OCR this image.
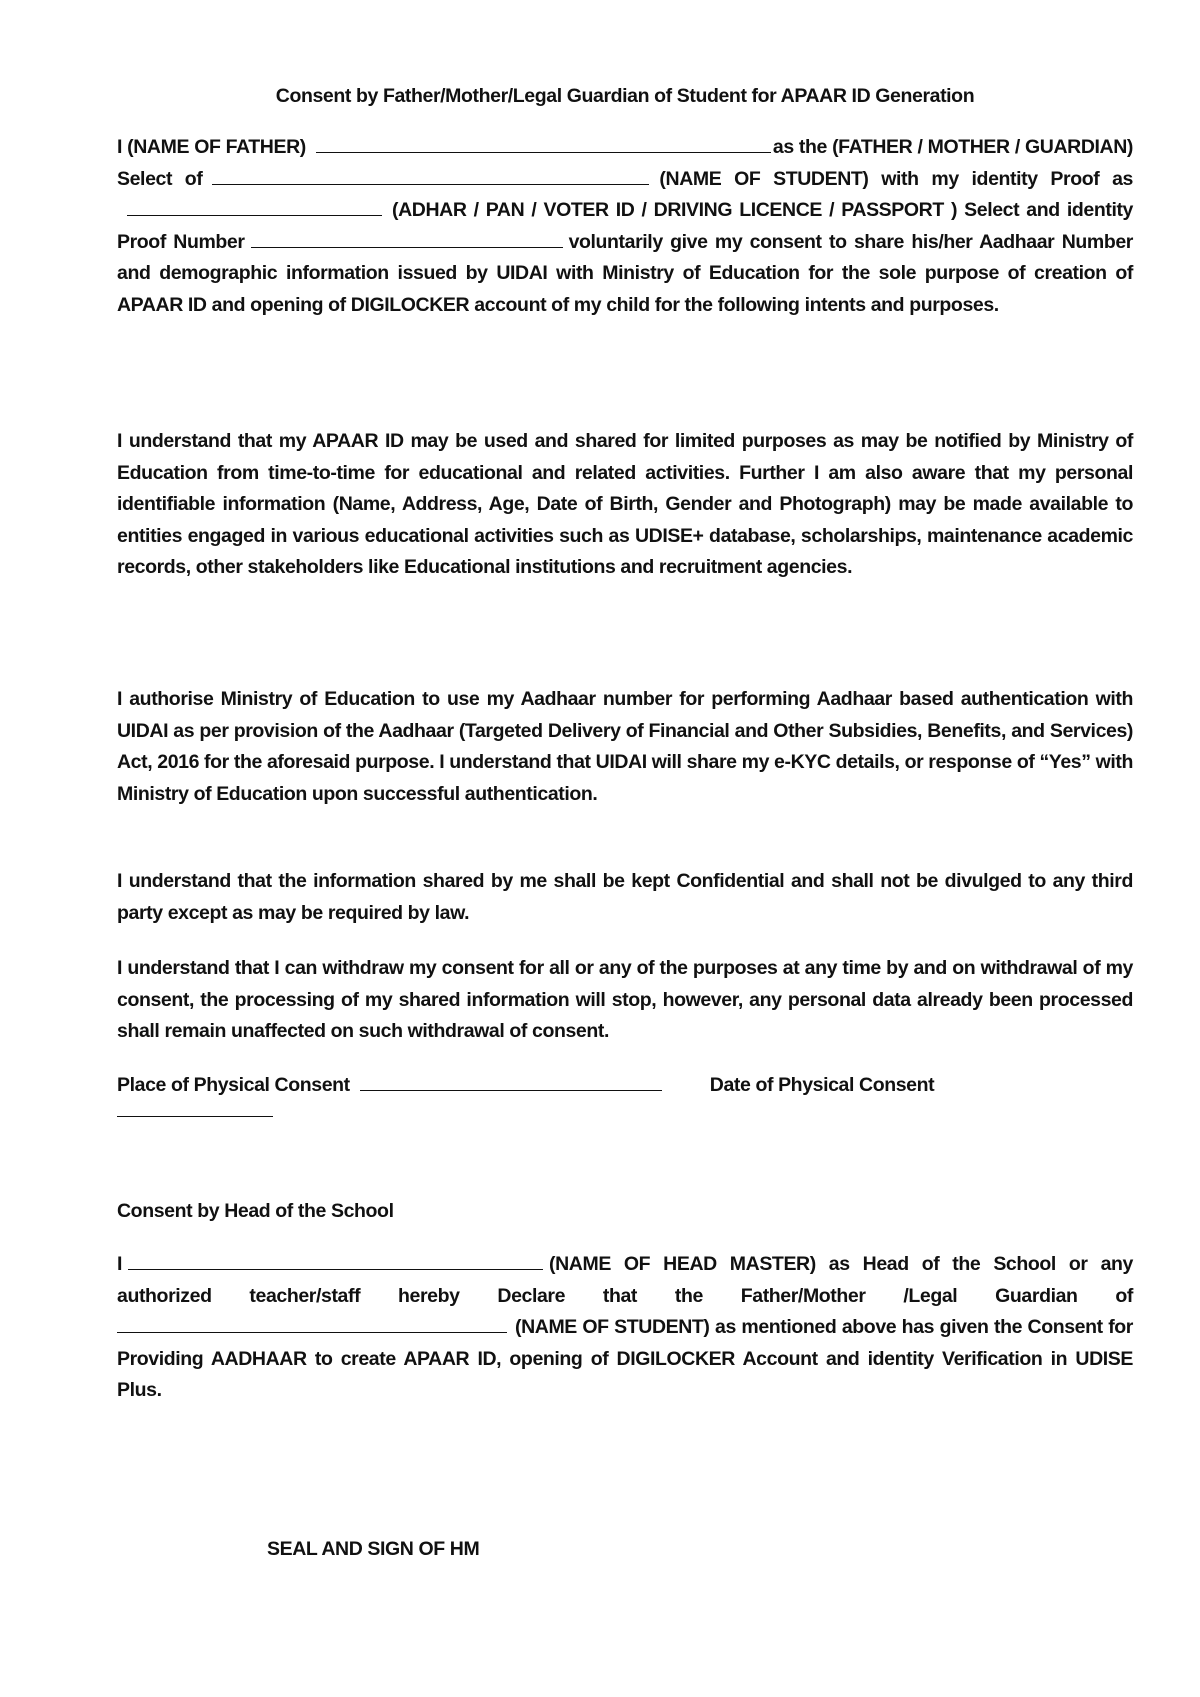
Consent by Father/Mother/Legal Guardian of Student for APAAR ID Generation

I (NAME OF FATHER)	as the (FATHER / MOTHER / GUARDIAN) Select of	(NAME OF STUDENT) with my identity Proof as(ADHAR / PAN / VOTER ID / DRIVING LICENCE / PASSPORT ) Select and identity Proof Number	voluntarily give my consent to share his/her Aadhaar Number and demographic information issued by UIDAI with Ministry of Education for the sole purpose of creation of APAAR ID and opening of DIGILOCKER account of my child for the following intents and purposes.

I understand that my APAAR ID may be used and shared for limited purposes as may be notified by Ministry of Education from time-to-time for educational and related activities. Further I am also aware that my personal identifiable information (Name, Address, Age, Date of Birth, Gender and Photograph) may be made available to entities engaged in various educational activities such as UDISE+ database, scholarships, maintenance academic records, other stakeholders like Educational institutions and recruitment agencies.

I authorise Ministry of Education to use my Aadhaar number for performing Aadhaar based authentication with UIDAI as per provision of the Aadhaar (Targeted Delivery of Financial and Other Subsidies, Benefits, and Services) Act, 2016 for the aforesaid purpose. I understand that UIDAI will share my e-KYC details, or response of “Yes” with Ministry of Education upon successful authentication.

I understand that the information shared by me shall be kept Confidential and shall not be divulged to any third party except as may be required by law.

I understand that I can withdraw my consent for all or any of the purposes at any time by and on withdrawal of my consent, the processing of my shared information will stop, however, any personal data already been processed shall remain unaffected on such withdrawal of consent.

Place of Physical Consent	Date of Physical Consent

Consent by Head of the School

I	(NAME OF HEAD MASTER) as Head of the School or any authorized teacher/staff hereby Declare that the Father/Mother /Legal Guardian of(NAME OF STUDENT) as mentioned above has given the Consent for Providing AADHAAR to create APAAR ID, opening of DIGILOCKER Account and identity Verification in UDISE Plus.

SEAL AND SIGN OF HM
